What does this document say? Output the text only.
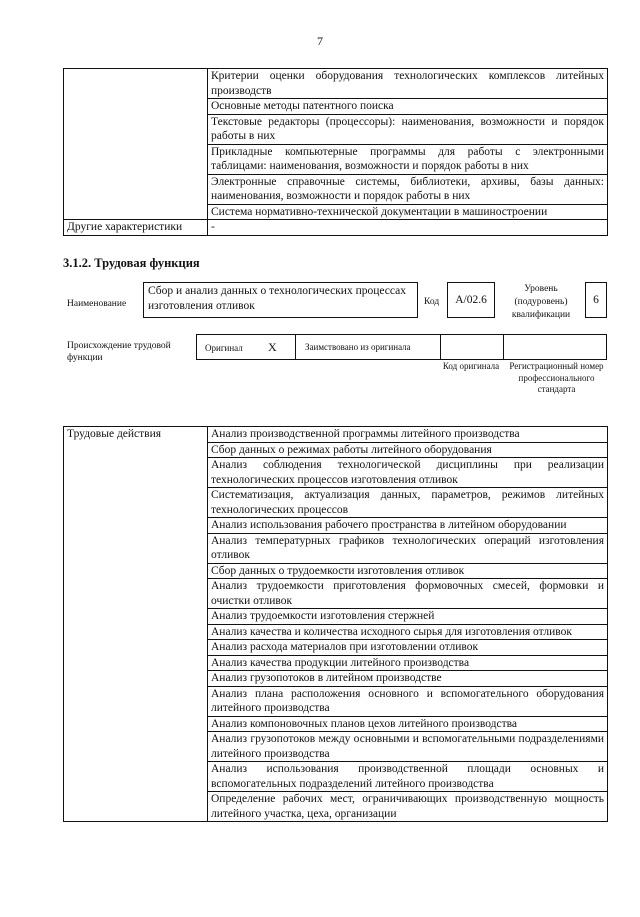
7
	Критерии оценки оборудования технологических комплексов литейных производств
	Основные методы патентного поиска
	Текстовые редакторы (процессоры): наименования, возможности и порядок работы в них
	Прикладные компьютерные программы для работы с электронными таблицами: наименования, возможности и порядок работы в них
	Электронные справочные системы, библиотеки, архивы, базы данных: наименования, возможности и порядок работы в них
	Система нормативно-технической документации в машиностроении
Другие характеристики	-
3.1.2. Трудовая функция
Наименование
Сбор и анализ данных о технологических процессах изготовления отливок	Код	А/02.6
Уровень (подуровень) квалификации
6
Происхождение трудовой функции
Оригинал X	Заимствовано из оригинала
Код оригинала	Регистрационный номер профессионального стандарта
Трудовые действия	Анализ производственной программы литейного производства
Сбор данных о режимах работы литейного оборудования
Анализ соблюдения технологической дисциплины при реализации технологических процессов изготовления отливок
Систематизация, актуализация данных, параметров, режимов литейных технологических процессов
Анализ использования рабочего пространства в литейном оборудовании
Анализ температурных графиков технологических операций изготовления отливок
Сбор данных о трудоемкости изготовления отливок
Анализ трудоемкости приготовления формовочных смесей, формовки и очистки отливок
Анализ трудоемкости изготовления стержней
Анализ качества и количества исходного сырья для изготовления отливок
Анализ расхода материалов при изготовлении отливок
Анализ качества продукции литейного производства
Анализ грузопотоков в литейном производстве
Анализ плана расположения основного и вспомогательного оборудования литейного производства
Анализ компоновочных планов цехов литейного производства
Анализ грузопотоков между основными и вспомогательными подразделениями литейного производства
Анализ использования производственной площади основных и вспомогательных подразделений литейного производства
Определение рабочих мест, ограничивающих производственную мощность литейного участка, цеха, организации
